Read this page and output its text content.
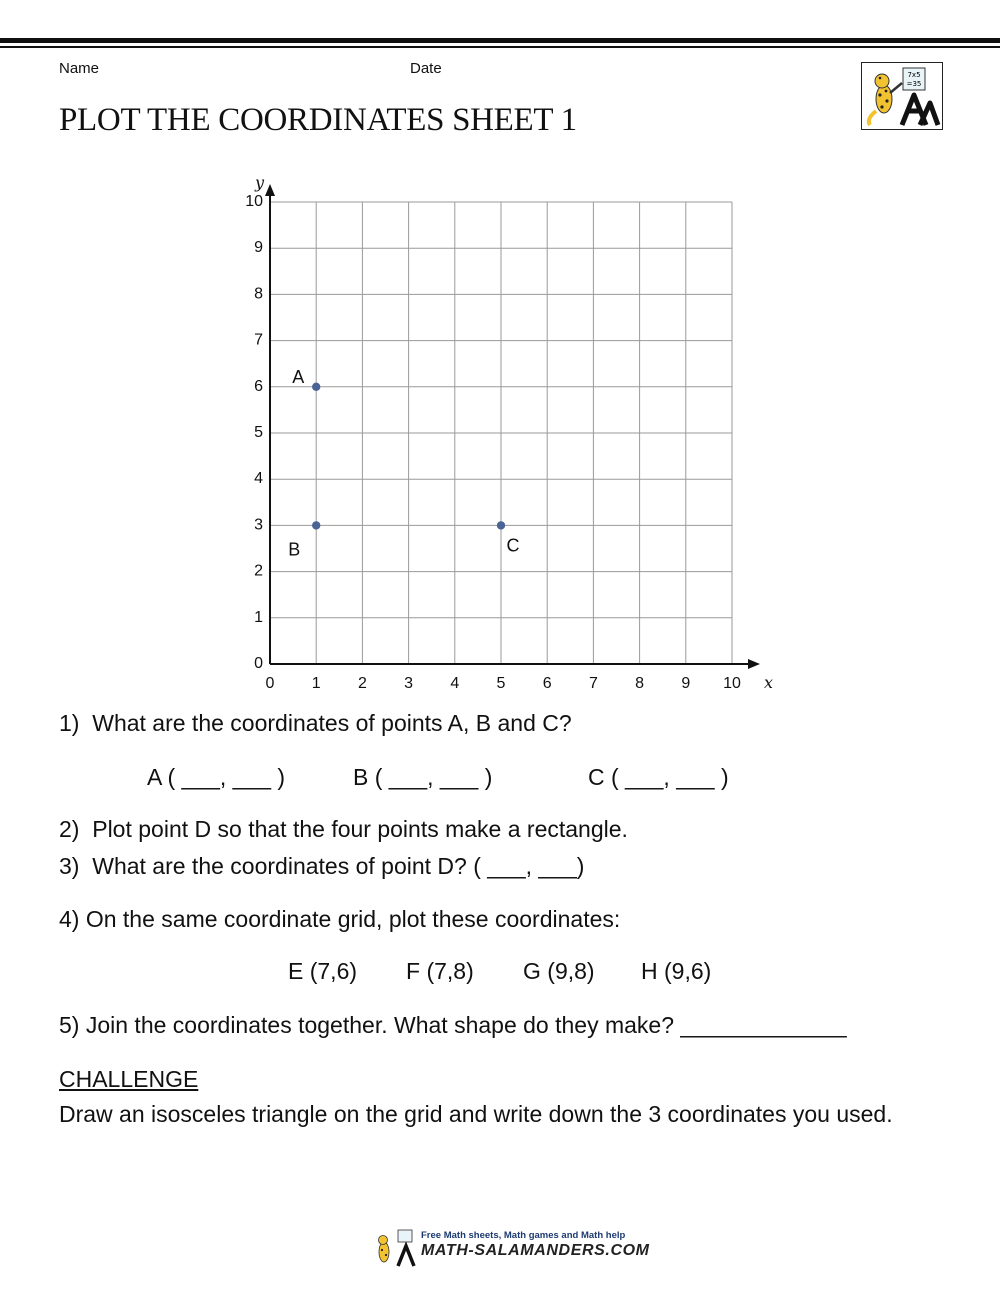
Name	Date
PLOT THE COORDINATES SHEET 1
7x5
=35
0 1 2 3 4 5 6 7 8 9 10
0
1
2
3
4
5
6
7
8
9
10
A
B	C
x
y
1)  What are the coordinates of points A, B and C?
A ( ___, ___ )	B ( ___, ___ )	C ( ___, ___ )
2)  Plot point D so that the four points make a rectangle.
3)  What are the coordinates of point D? ( ___, ___)
4) On the same coordinate grid, plot these coordinates:
E (7,6) F (7,8) G (9,8) H (9,6)
5) Join the coordinates together. What shape do they make? _____________
CHALLENGE
Draw an isosceles triangle on the grid and write down the 3 coordinates you used.
Free Math sheets, Math games and Math help
MATH-SALAMANDERS.COM
